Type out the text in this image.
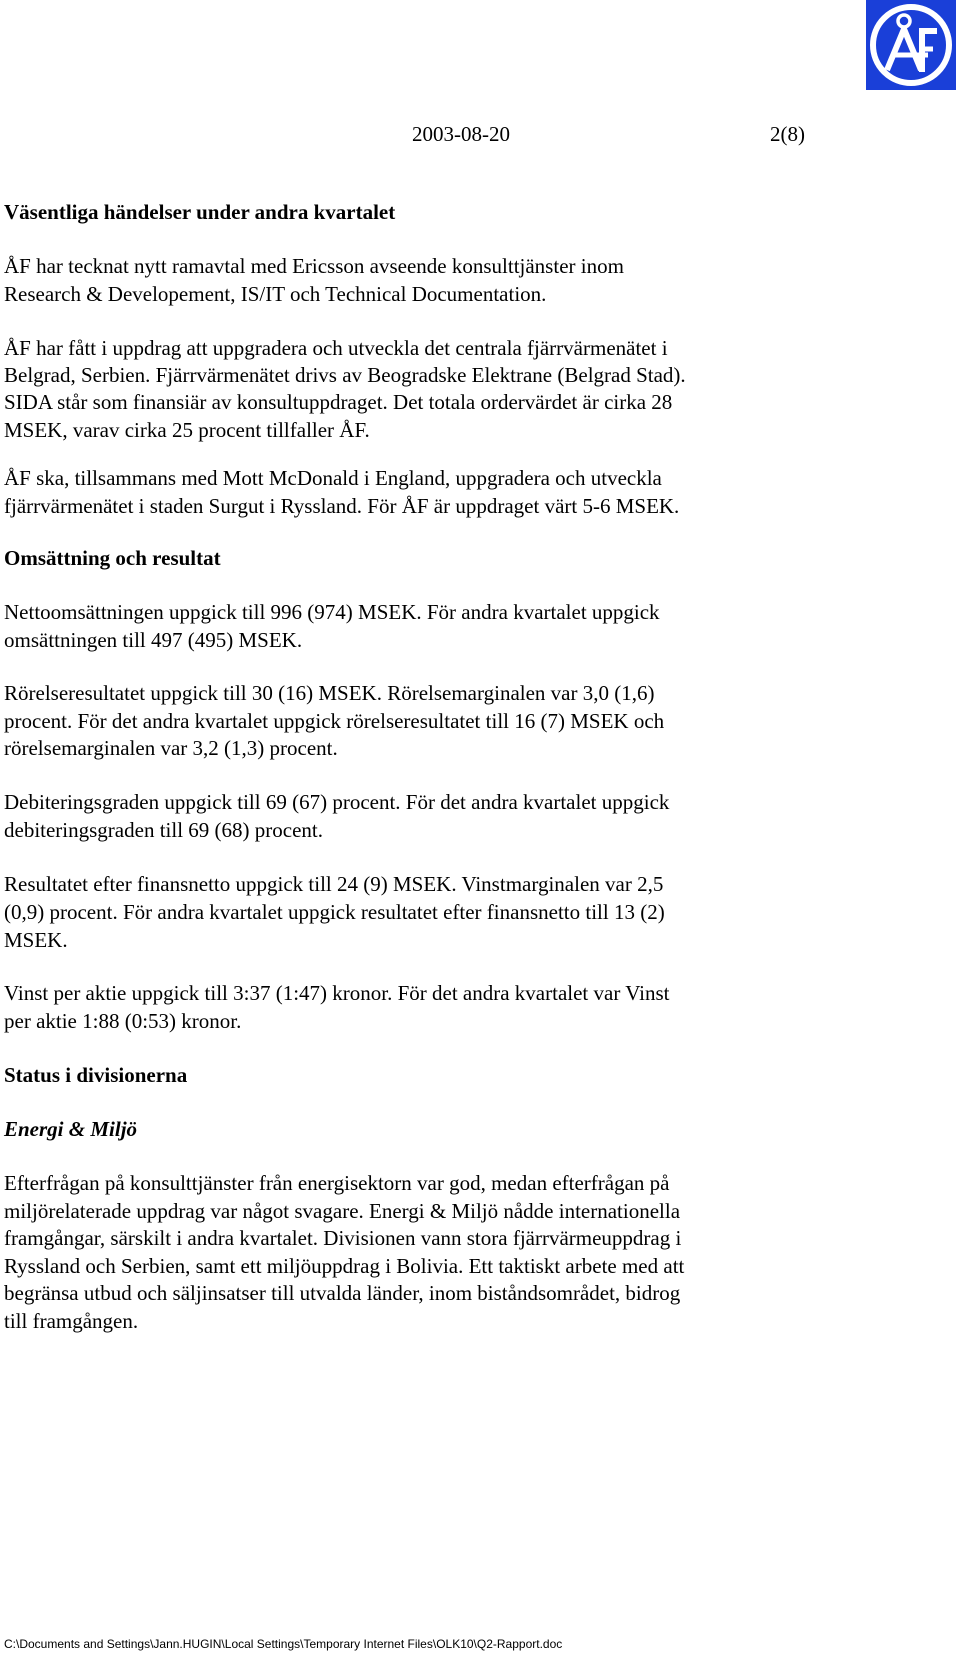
2003-08-20	2(8)
Väsentliga händelser under andra kvartalet
ÅF har tecknat nytt ramavtal med Ericsson avseende konsulttjänster inom
Research & Developement, IS/IT och Technical Documentation.
ÅF har fått i uppdrag att uppgradera och utveckla det centrala fjärrvärmenätet i
Belgrad, Serbien. Fjärrvärmenätet drivs av Beogradske Elektrane (Belgrad Stad).
SIDA står som finansiär av konsultuppdraget. Det totala ordervärdet är cirka 28
MSEK, varav cirka 25 procent tillfaller ÅF.
ÅF ska, tillsammans med Mott McDonald i England, uppgradera och utveckla
fjärrvärmenätet i staden Surgut i Ryssland. För ÅF är uppdraget värt 5-6 MSEK.
Omsättning och resultat
Nettoomsättningen uppgick till 996 (974) MSEK. För andra kvartalet uppgick
omsättningen till 497 (495) MSEK.
Rörelseresultatet uppgick till 30 (16) MSEK. Rörelsemarginalen var 3,0 (1,6)
procent. För det andra kvartalet uppgick rörelseresultatet till 16 (7) MSEK och
rörelsemarginalen var 3,2 (1,3) procent.
Debiteringsgraden uppgick till 69 (67) procent. För det andra kvartalet uppgick
debiteringsgraden till 69 (68) procent.
Resultatet efter finansnetto uppgick till 24 (9) MSEK. Vinstmarginalen var 2,5
(0,9) procent. För andra kvartalet uppgick resultatet efter finansnetto till 13 (2)
MSEK.
Vinst per aktie uppgick till 3:37 (1:47) kronor. För det andra kvartalet var Vinst
per aktie 1:88 (0:53) kronor.
Status i divisionerna
Energi & Miljö
Efterfrågan på konsulttjänster från energisektorn var god, medan efterfrågan på
miljörelaterade uppdrag var något svagare. Energi & Miljö nådde internationella
framgångar, särskilt i andra kvartalet. Divisionen vann stora fjärrvärmeuppdrag i
Ryssland och Serbien, samt ett miljöuppdrag i Bolivia. Ett taktiskt arbete med att
begränsa utbud och säljinsatser till utvalda länder, inom biståndsområdet, bidrog
till framgången.
C:\Documents and Settings\Jann.HUGIN\Local Settings\Temporary Internet Files\OLK10\Q2-Rapport.doc
